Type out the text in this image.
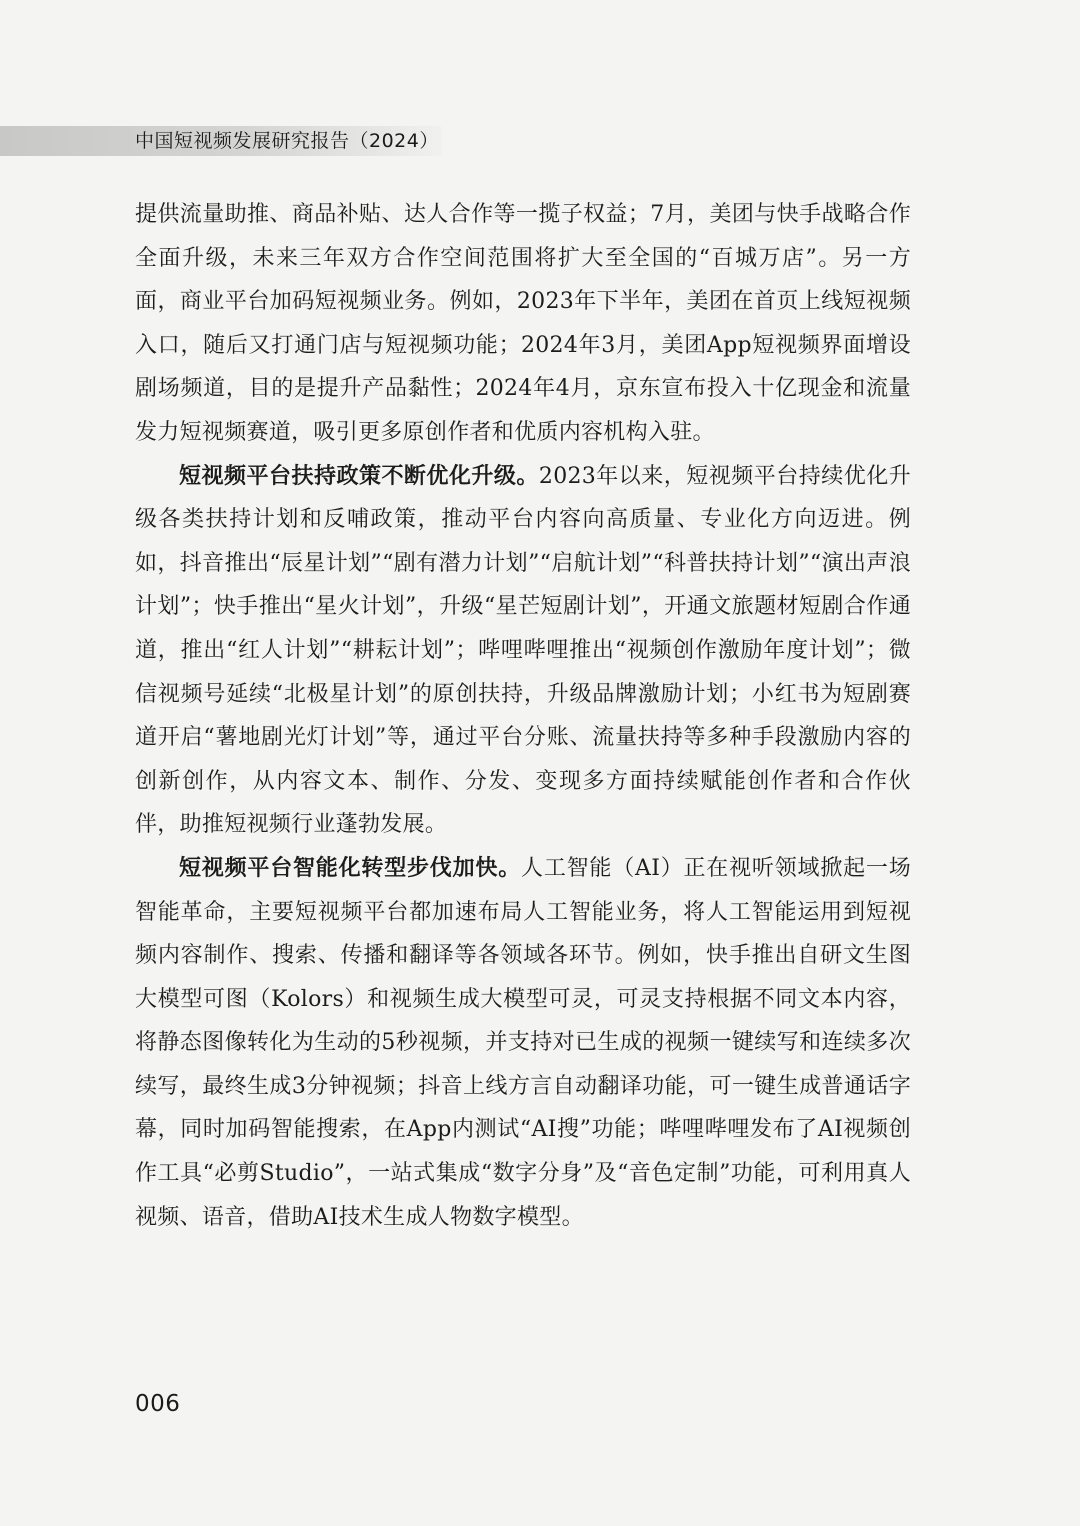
中国短视频发展研究报告（2024）

提供流量助推、商品补贴、达人合作等一揽子权益；7月，美团与快手战略合作全面升级，未来三年双方合作空间范围将扩大至全国的“百城万店”。另一方面，商业平台加码短视频业务。例如，2023年下半年，美团在首页上线短视频入口，随后又打通门店与短视频功能；2024年3月，美团App短视频界面增设剧场频道，目的是提升产品黏性；2024年4月，京东宣布投入十亿现金和流量发力短视频赛道，吸引更多原创作者和优质内容机构入驻。

短视频平台扶持政策不断优化升级。2023年以来，短视频平台持续优化升级各类扶持计划和反哺政策，推动平台内容向高质量、专业化方向迈进。例如，抖音推出“辰星计划”“剧有潜力计划”“启航计划”“科普扶持计划”“演出声浪计划”；快手推出“星火计划”，升级“星芒短剧计划”，开通文旅题材短剧合作通道，推出“红人计划”“耕耘计划”；哔哩哔哩推出“视频创作激励年度计划”；微信视频号延续“北极星计划”的原创扶持，升级品牌激励计划；小红书为短剧赛道开启“薯地剧光灯计划”等，通过平台分账、流量扶持等多种手段激励内容的创新创作，从内容文本、制作、分发、变现多方面持续赋能创作者和合作伙伴，助推短视频行业蓬勃发展。

短视频平台智能化转型步伐加快。人工智能（AI）正在视听领域掀起一场智能革命，主要短视频平台都加速布局人工智能业务，将人工智能运用到短视频内容制作、搜索、传播和翻译等各领域各环节。例如，快手推出自研文生图大模型可图（Kolors）和视频生成大模型可灵，可灵支持根据不同文本内容，将静态图像转化为生动的5秒视频，并支持对已生成的视频一键续写和连续多次续写，最终生成3分钟视频；抖音上线方言自动翻译功能，可一键生成普通话字幕，同时加码智能搜索，在App内测试“AI搜”功能；哔哩哔哩发布了AI视频创作工具“必剪Studio”，一站式集成“数字分身”及“音色定制”功能，可利用真人视频、语音，借助AI技术生成人物数字模型。

006
